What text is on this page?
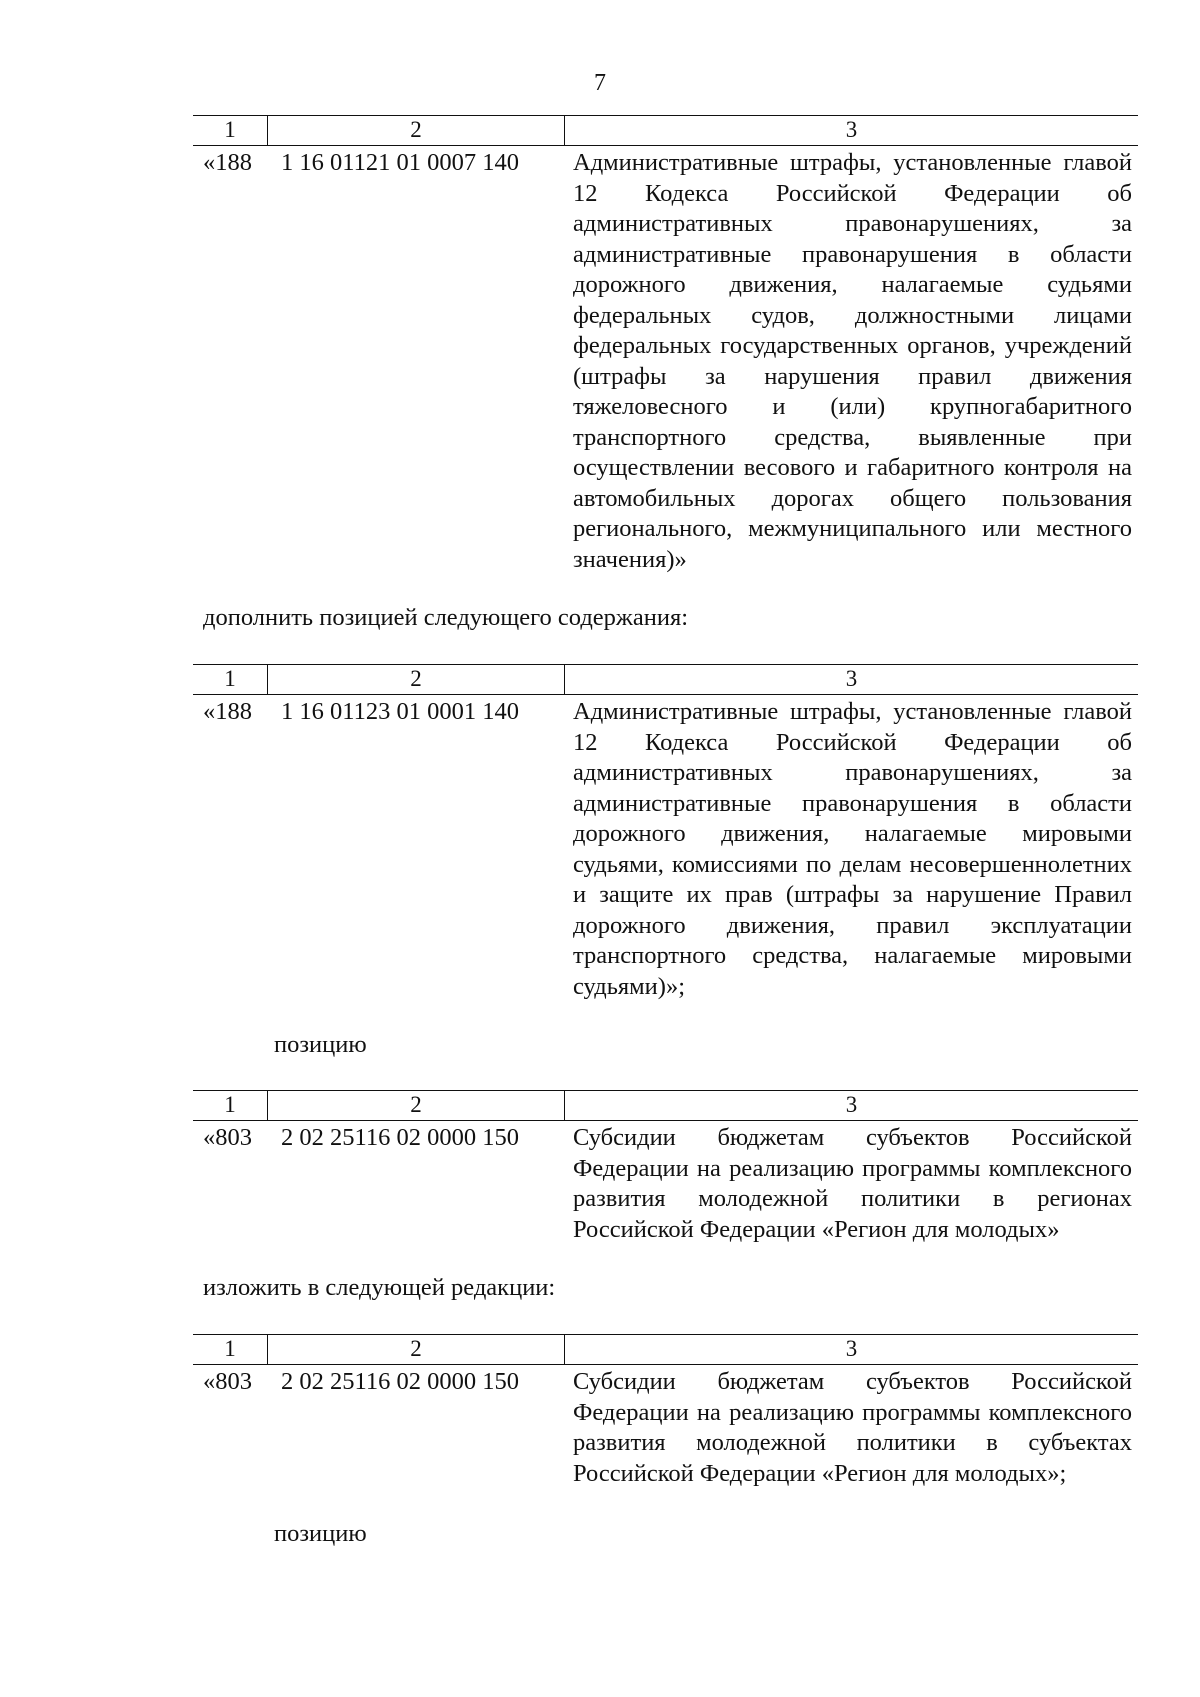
7
1	2	3
«188	1 16 01121 01 0007 140	Административные штрафы, установленные главой 12 Кодекса Российской Федерации об административных правонарушениях, за административные правонарушения в области дорожного движения, налагаемые судьями федеральных судов, должностными лицами федеральных государственных органов, учреждений (штрафы за нарушения правил движения тяжеловесного и (или) крупногабаритного транспортного средства, выявленные при осуществлении весового и габаритного контроля на автомобильных дорогах общего пользования регионального, межмуниципального или местного значения)»
дополнить позицией следующего содержания:
1	2	3
«188	1 16 01123 01 0001 140	Административные штрафы, установленные главой 12 Кодекса Российской Федерации об административных правонарушениях, за административные правонарушения в области дорожного движения, налагаемые мировыми судьями, комиссиями по делам несовершеннолетних и защите их прав (штрафы за нарушение Правил дорожного движения, правил эксплуатации транспортного средства, налагаемые мировыми судьями)»;
позицию
1	2	3
«803	2 02 25116 02 0000 150	Субсидии бюджетам субъектов Российской Федерации на реализацию программы комплексного развития молодежной политики в регионах Российской Федерации «Регион для молодых»
изложить в следующей редакции:
1	2	3
«803	2 02 25116 02 0000 150	Субсидии бюджетам субъектов Российской Федерации на реализацию программы комплексного развития молодежной политики в субъектах Российской Федерации «Регион для молодых»;
позицию
